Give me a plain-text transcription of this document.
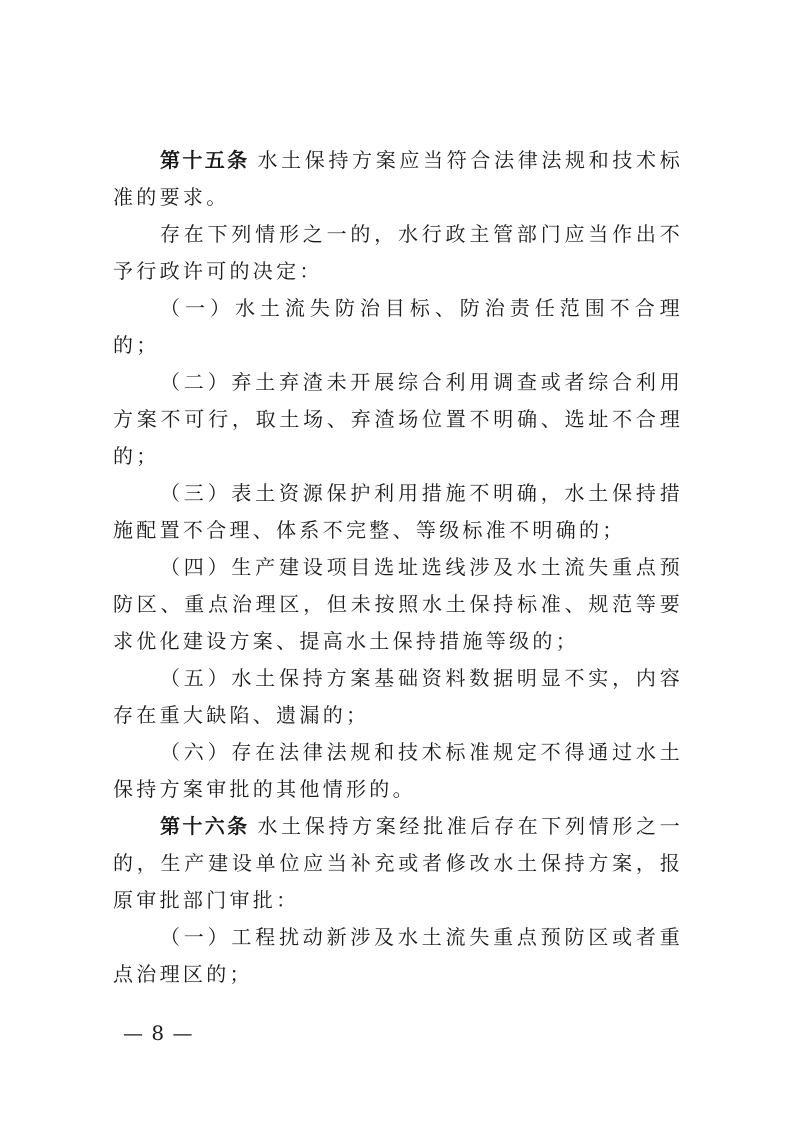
第十五条 水土保持方案应当符合法律法规和技术标准的要求。

存在下列情形之一的，水行政主管部门应当作出不予行政许可的决定：

（一）水土流失防治目标、防治责任范围不合理的；

（二）弃土弃渣未开展综合利用调查或者综合利用方案不可行，取土场、弃渣场位置不明确、选址不合理的；

（三）表土资源保护利用措施不明确，水土保持措施配置不合理、体系不完整、等级标准不明确的；

（四）生产建设项目选址选线涉及水土流失重点预防区、重点治理区，但未按照水土保持标准、规范等要求优化建设方案、提高水土保持措施等级的；

（五）水土保持方案基础资料数据明显不实，内容存在重大缺陷、遗漏的；

（六）存在法律法规和技术标准规定不得通过水土保持方案审批的其他情形的。

第十六条 水土保持方案经批准后存在下列情形之一的，生产建设单位应当补充或者修改水土保持方案，报原审批部门审批：

（一）工程扰动新涉及水土流失重点预防区或者重点治理区的；

— 8 —
